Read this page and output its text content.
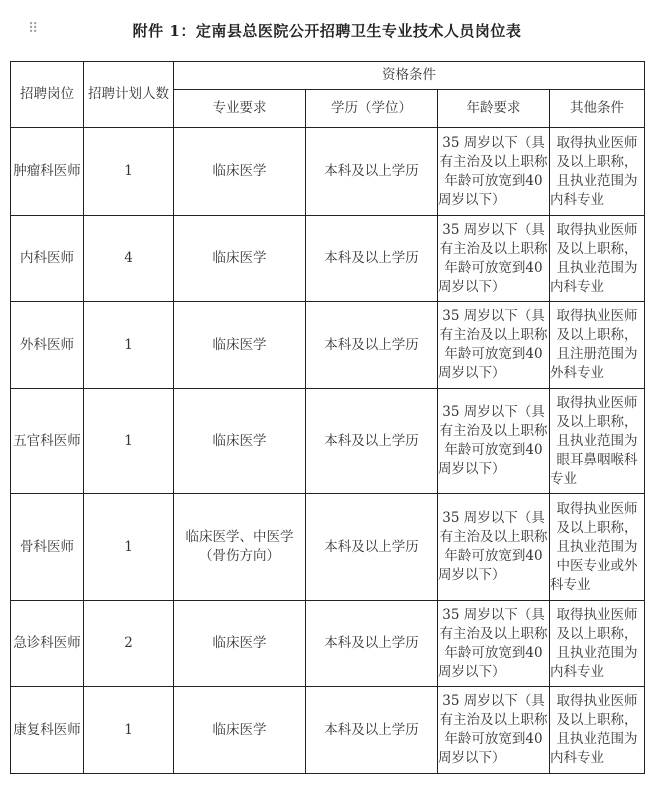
⠿	附件 1：定南县总医院公开招聘卫生专业技术人员岗位表
招聘岗位	招聘计划人数	资格条件			
		专业要求	学历（学位）	年龄要求	其他条件
肿瘤科医师	1	临床医学	本科及以上学历	35 周岁以下（具有主治及以上职称年龄可放宽到40 周岁以下）	取得执业医师及以上职称，且执业范围为内科专业
内科医师	4	临床医学	本科及以上学历	35 周岁以下（具有主治及以上职称年龄可放宽到40 周岁以下）	取得执业医师及以上职称，且执业范围为内科专业
外科医师	1	临床医学	本科及以上学历	35 周岁以下（具有主治及以上职称年龄可放宽到40 周岁以下）	取得执业医师及以上职称，且注册范围为外科专业
五官科医师	1	临床医学	本科及以上学历	35 周岁以下（具有主治及以上职称年龄可放宽到40 周岁以下）	取得执业医师及以上职称，且执业范围为眼耳鼻咽喉科专业
骨科医师	1	临床医学、中医学（骨伤方向）	本科及以上学历	35 周岁以下（具有主治及以上职称年龄可放宽到40 周岁以下）	取得执业医师及以上职称，且执业范围为中医专业或外科专业
急诊科医师	2	临床医学	本科及以上学历	35 周岁以下（具有主治及以上职称年龄可放宽到40 周岁以下）	取得执业医师及以上职称，且执业范围为内科专业
康复科医师	1	临床医学	本科及以上学历	35 周岁以下（具有主治及以上职称年龄可放宽到40 周岁以下）	取得执业医师及以上职称，且执业范围为内科专业
